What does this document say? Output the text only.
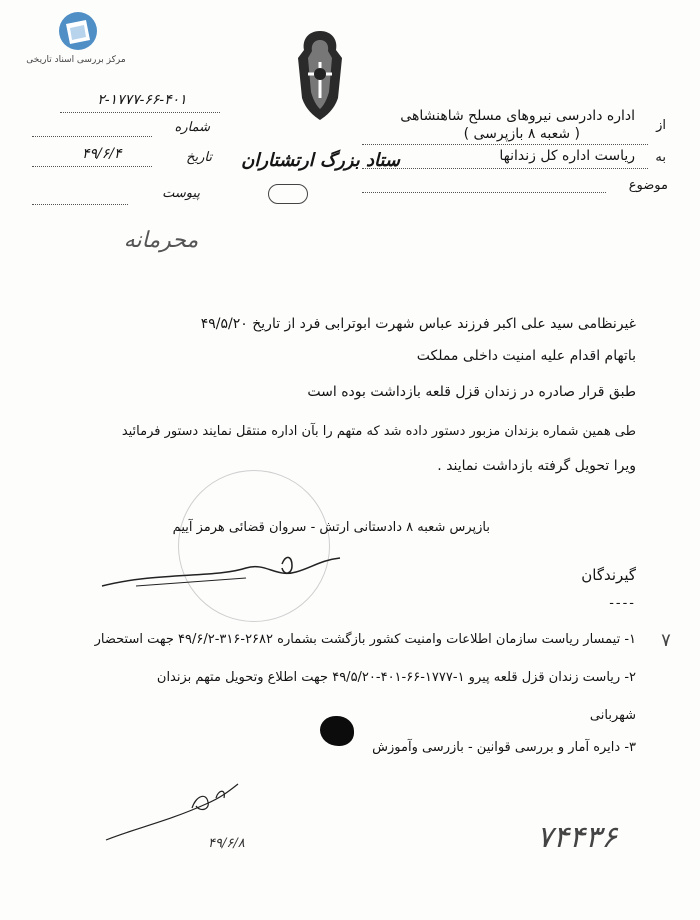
مرکز بررسی اسناد تاریخی
۲-۱۷۷۷-۶۶-۴۰۱
شماره
تاریخ
۴۹/۶/۴
پیوست
ستاد بزرگ ارتشتاران
از
اداره دادرسی نیروهای مسلح شاهنشاهی
( شعبه ۸ بازپرسی )
به
ریاست اداره کل زندانها
موضوع
محرمانه
غیرنظامی سید علی اکبر فرزند عباس شهرت ابوترابی فرد از تاریخ ۴۹/۵/۲۰
باتهام اقدام علیه امنیت داخلی مملکت
طبق قرار صادره در زندان قزل قلعه بازداشت بوده است
طی همین شماره بزندان مزبور دستور داده شد که متهم را بآن اداره منتقل نمایند دستور فرمائید
ویرا تحویل گرفته بازداشت نمایند .
بازپرس شعبه ۸ دادستانی ارتش - سروان قضائی هرمز آییم
گیرندگان
----
۷
۱- تیمسار ریاست سازمان اطلاعات وامنیت کشور بازگشت بشماره ۲۶۸۲-۳۱۶-۴۹/۶/۲ جهت استحضار
۲- ریاست زندان قزل قلعه پیرو ۱-۱۷۷۷-۶۶-۴۰۱-۴۹/۵/۲۰ جهت اطلاع وتحویل متهم بزندان
شهربانی
۳- دایره آمار و بررسی قوانین - بازرسی وآموزش
۴۹/۶/۸	۷۴۴۳۶
